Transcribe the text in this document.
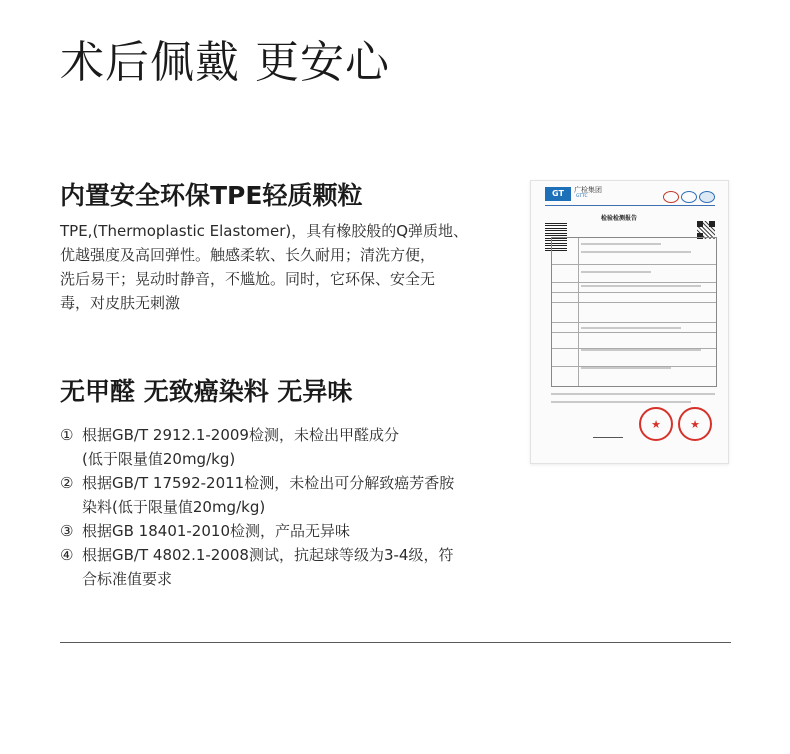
术后佩戴 更安心
内置安全环保TPE轻质颗粒
TPE,(Thermoplastic Elastomer)，具有橡胶般的Q弹质地、
优越强度及高回弹性。触感柔软、长久耐用；清洗方便，
洗后易干；晃动时静音，不尴尬。同时，它环保、安全无
毒，对皮肤无刺激
无甲醛 无致癌染料 无异味
① 根据GB/T 2912.1-2009检测，未检出甲醛成分
(低于限量值20mg/kg)
② 根据GB/T 17592-2011检测，未检出可分解致癌芳香胺
染料(低于限量值20mg/kg)
③ 根据GB 18401-2010检测，产品无异味
④ 根据GB/T 4802.1-2008测试，抗起球等级为3-4级，符
合标准值要求
GT	广检集团
GTTC
检验检测报告
★
★
